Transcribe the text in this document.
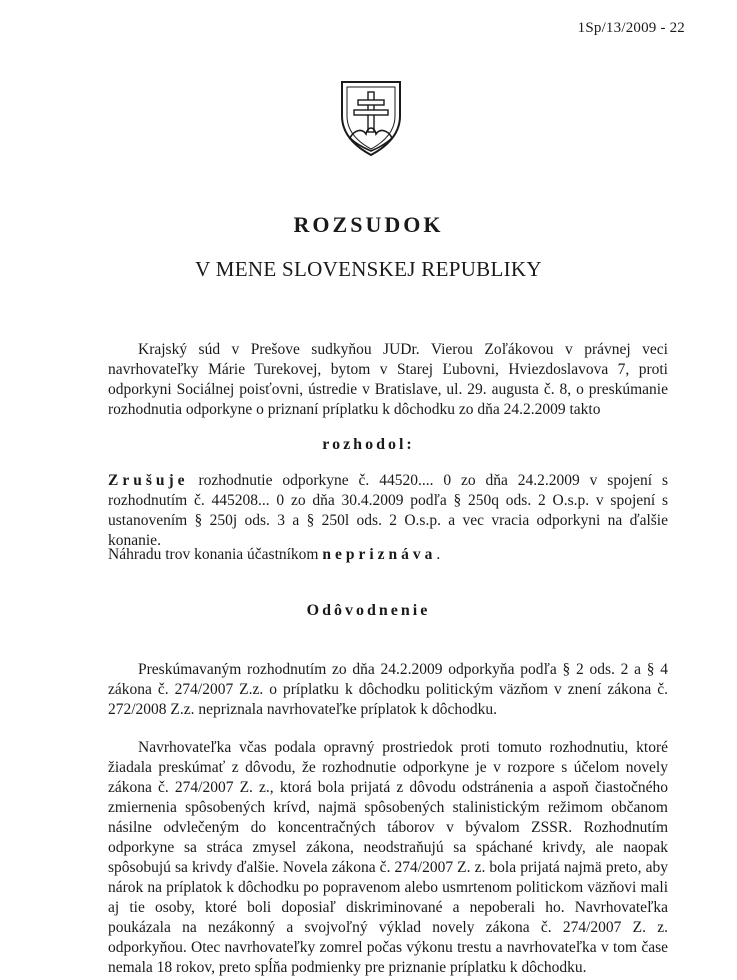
1Sp/13/2009 - 22
ROZSUDOK
V MENE SLOVENSKEJ REPUBLIKY
Krajský súd v Prešove sudkyňou JUDr. Vierou Zoľákovou v právnej veci navrhovateľky Márie Turekovej, bytom v Starej Ľubovni, Hviezdoslavova 7, proti odporkyni Sociálnej poisťovni, ústredie v Bratislave, ul. 29. augusta č. 8, o preskúmanie rozhodnutia odporkyne o priznaní príplatku k dôchodku zo dňa 24.2.2009 takto
rozhodol:
Zrušuje rozhodnutie odporkyne č. 44520.... 0 zo dňa 24.2.2009 v spojení s rozhodnutím č. 445208... 0 zo dňa 30.4.2009 podľa § 250q ods. 2 O.s.p. v spojení s ustanovením § 250j ods. 3 a § 250l ods. 2 O.s.p. a vec vracia odporkyni na ďalšie konanie.
Náhradu trov konania účastníkom nepriznáva.
Odôvodnenie
Preskúmavaným rozhodnutím zo dňa 24.2.2009 odporkyňa podľa § 2 ods. 2 a § 4 zákona č. 274/2007 Z.z. o príplatku k dôchodku politickým väzňom v znení zákona č. 272/2008 Z.z. nepriznala navrhovateľke príplatok k dôchodku.
Navrhovateľka včas podala opravný prostriedok proti tomuto rozhodnutiu, ktoré žiadala preskúmať z dôvodu, že rozhodnutie odporkyne je v rozpore s účelom novely zákona č. 274/2007 Z. z., ktorá bola prijatá z dôvodu odstránenia a aspoň čiastočného zmiernenia spôsobených krívd, najmä spôsobených stalinistickým režimom občanom násilne odvlečeným do koncentračných táborov v bývalom ZSSR. Rozhodnutím odporkyne sa stráca zmysel zákona, neodstraňujú sa spáchané krivdy, ale naopak spôsobujú sa krivdy ďalšie. Novela zákona č. 274/2007 Z. z. bola prijatá najmä preto, aby nárok na príplatok k dôchodku po popravenom alebo usmrtenom politickom väzňovi mali aj tie osoby, ktoré boli doposiaľ diskriminované a nepoberali ho. Navrhovateľka poukázala na nezákonný a svojvoľný výklad novely zákona č. 274/2007 Z. z. odporkyňou. Otec navrhovateľky zomrel počas výkonu trestu a navrhovateľka v tom čase nemala 18 rokov, preto spĺňa podmienky pre priznanie príplatku k dôchodku.
